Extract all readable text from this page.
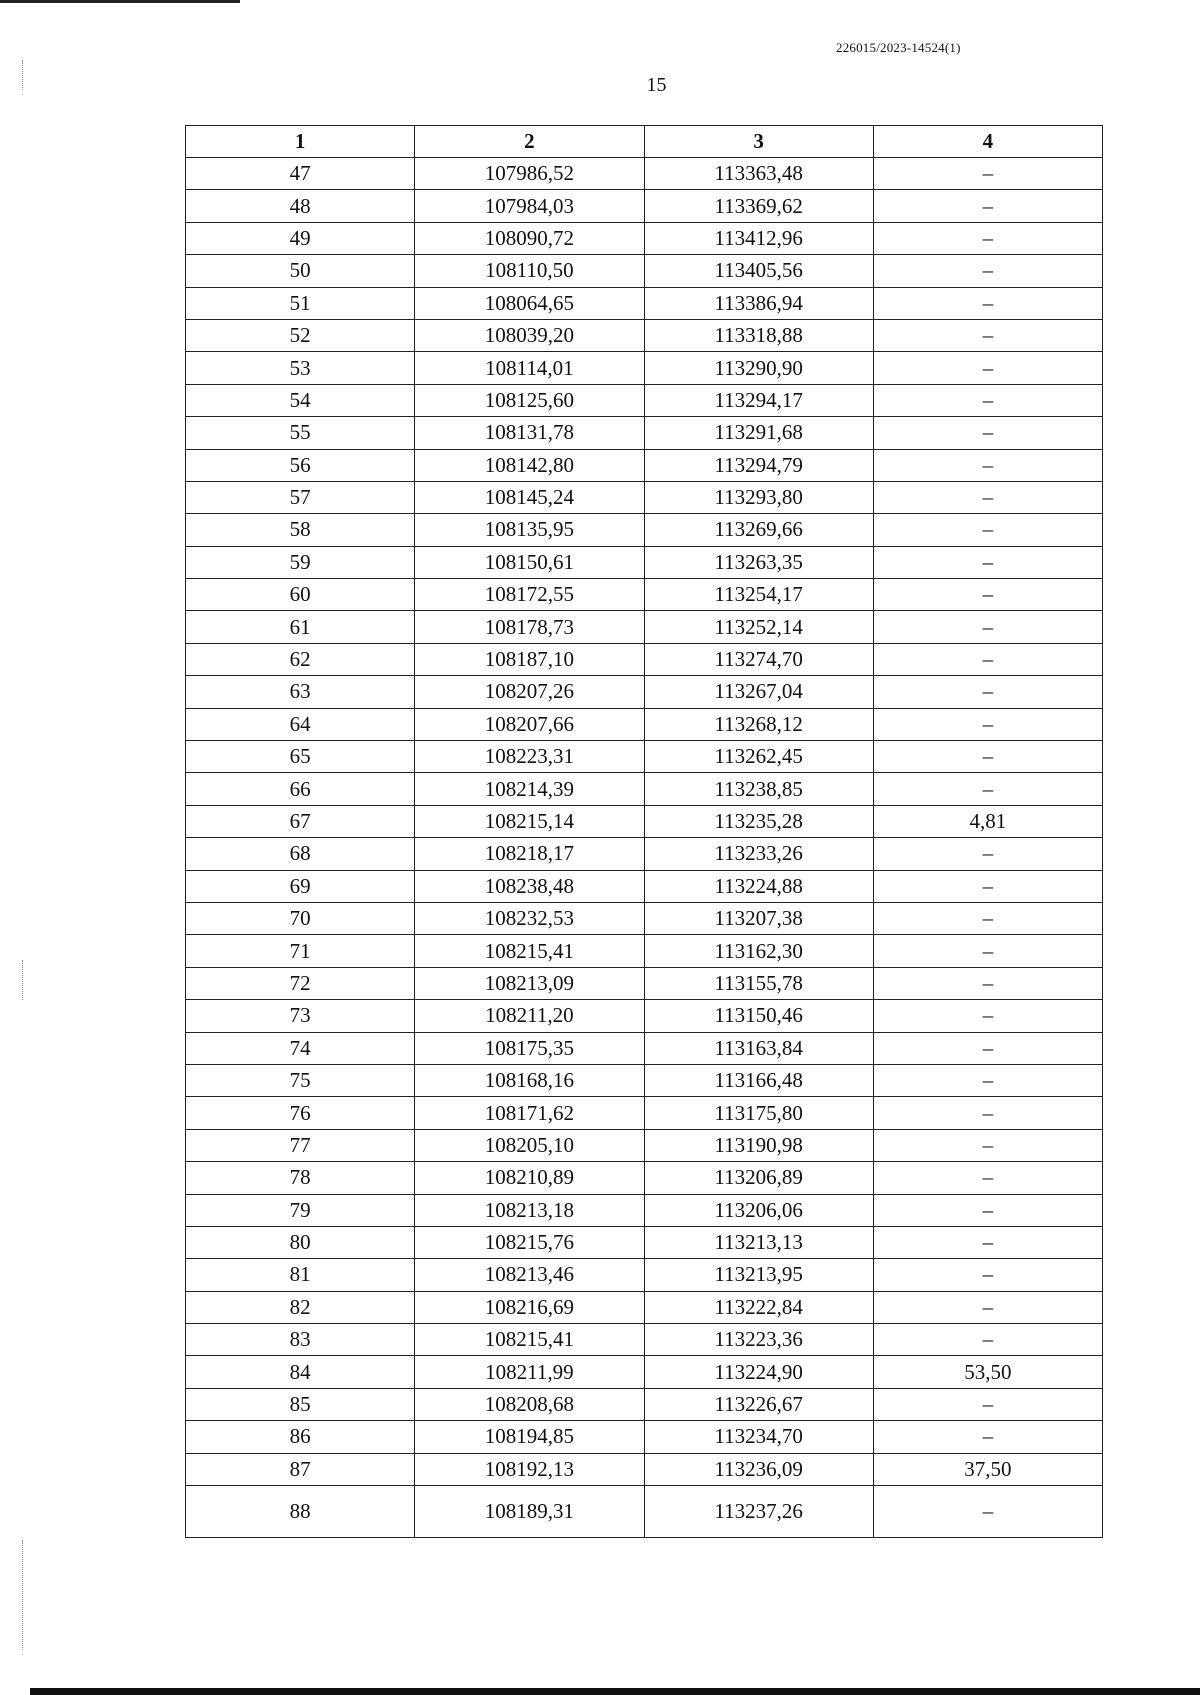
226015/2023-14524(1)
15
1	2	3	4
47	107986,52	113363,48	–
48	107984,03	113369,62	–
49	108090,72	113412,96	–
50	108110,50	113405,56	–
51	108064,65	113386,94	–
52	108039,20	113318,88	–
53	108114,01	113290,90	–
54	108125,60	113294,17	–
55	108131,78	113291,68	–
56	108142,80	113294,79	–
57	108145,24	113293,80	–
58	108135,95	113269,66	–
59	108150,61	113263,35	–
60	108172,55	113254,17	–
61	108178,73	113252,14	–
62	108187,10	113274,70	–
63	108207,26	113267,04	–
64	108207,66	113268,12	–
65	108223,31	113262,45	–
66	108214,39	113238,85	–
67	108215,14	113235,28	4,81
68	108218,17	113233,26	–
69	108238,48	113224,88	–
70	108232,53	113207,38	–
71	108215,41	113162,30	–
72	108213,09	113155,78	–
73	108211,20	113150,46	–
74	108175,35	113163,84	–
75	108168,16	113166,48	–
76	108171,62	113175,80	–
77	108205,10	113190,98	–
78	108210,89	113206,89	–
79	108213,18	113206,06	–
80	108215,76	113213,13	–
81	108213,46	113213,95	–
82	108216,69	113222,84	–
83	108215,41	113223,36	–
84	108211,99	113224,90	53,50
85	108208,68	113226,67	–
86	108194,85	113234,70	–
87	108192,13	113236,09	37,50
88	108189,31	113237,26	–
